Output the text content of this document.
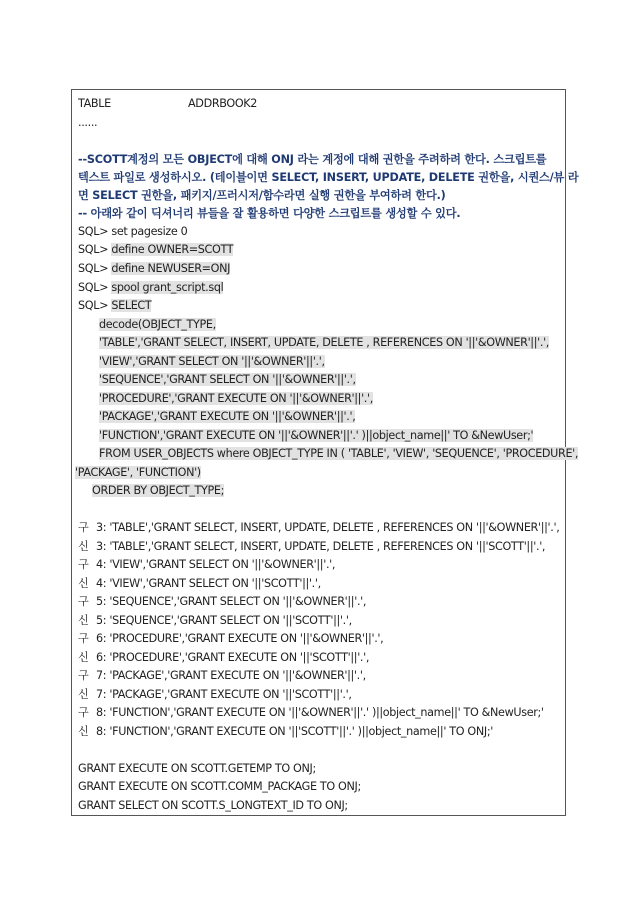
TABLE	ADDRBOOK2
......
--SCOTT계정의 모든 OBJECT에 대해 ONJ 라는 계정에 대해 권한을 주려하려 한다. 스크립트를
텍스트 파일로 생성하시오. (테이블이면 SELECT, INSERT, UPDATE, DELETE 권한을, 시퀀스/뷰 라
면 SELECT 권한을, 패키지/프러시저/함수라면 실행 권한을 부여하려 한다.)
-- 아래와 같이 딕셔너리 뷰들을 잘 활용하면 다양한 스크립트를 생성할 수 있다.
SQL> set pagesize 0
SQL> define OWNER=SCOTT
SQL> define NEWUSER=ONJ
SQL> spool grant_script.sql
SQL> SELECT
decode(OBJECT_TYPE,
'TABLE','GRANT SELECT, INSERT, UPDATE, DELETE , REFERENCES ON '||'&OWNER'||'.',
'VIEW','GRANT SELECT ON '||'&OWNER'||'.',
'SEQUENCE','GRANT SELECT ON '||'&OWNER'||'.',
'PROCEDURE','GRANT EXECUTE ON '||'&OWNER'||'.',
'PACKAGE','GRANT EXECUTE ON '||'&OWNER'||'.',
'FUNCTION','GRANT EXECUTE ON '||'&OWNER'||'.' )||object_name||' TO &NewUser;'
FROM USER_OBJECTS where OBJECT_TYPE IN ( 'TABLE', 'VIEW', 'SEQUENCE', 'PROCEDURE',
'PACKAGE', 'FUNCTION')
ORDER BY OBJECT_TYPE;
구 3: 'TABLE','GRANT SELECT, INSERT, UPDATE, DELETE , REFERENCES ON '||'&OWNER'||'.',
신 3: 'TABLE','GRANT SELECT, INSERT, UPDATE, DELETE , REFERENCES ON '||'SCOTT'||'.',
구 4: 'VIEW','GRANT SELECT ON '||'&OWNER'||'.',
신 4: 'VIEW','GRANT SELECT ON '||'SCOTT'||'.',
구 5: 'SEQUENCE','GRANT SELECT ON '||'&OWNER'||'.',
신 5: 'SEQUENCE','GRANT SELECT ON '||'SCOTT'||'.',
구 6: 'PROCEDURE','GRANT EXECUTE ON '||'&OWNER'||'.',
신 6: 'PROCEDURE','GRANT EXECUTE ON '||'SCOTT'||'.',
구 7: 'PACKAGE','GRANT EXECUTE ON '||'&OWNER'||'.',
신 7: 'PACKAGE','GRANT EXECUTE ON '||'SCOTT'||'.',
구 8: 'FUNCTION','GRANT EXECUTE ON '||'&OWNER'||'.' )||object_name||' TO &NewUser;'
신 8: 'FUNCTION','GRANT EXECUTE ON '||'SCOTT'||'.' )||object_name||' TO ONJ;'
GRANT EXECUTE ON SCOTT.GETEMP TO ONJ;
GRANT EXECUTE ON SCOTT.COMM_PACKAGE TO ONJ;
GRANT SELECT ON SCOTT.S_LONGTEXT_ID TO ONJ;
